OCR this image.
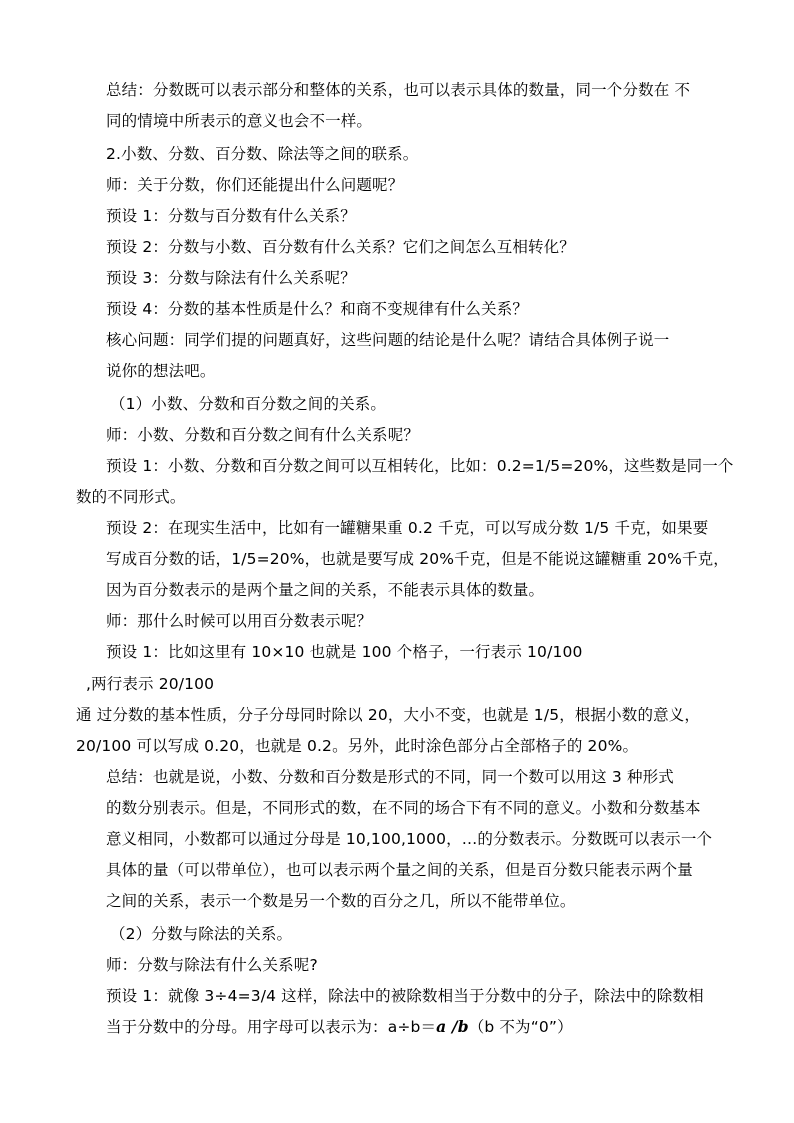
总结：分数既可以表示部分和整体的关系，也可以表示具体的数量，同一个分数在 不
同的情境中所表示的意义也会不一样。
2.小数、分数、百分数、除法等之间的联系。
师：关于分数，你们还能提出什么问题呢？
预设 1：分数与百分数有什么关系？
预设 2：分数与小数、百分数有什么关系？它们之间怎么互相转化？
预设 3：分数与除法有什么关系呢？
预设 4：分数的基本性质是什么？和商不变规律有什么关系？
核心问题：同学们提的问题真好，这些问题的结论是什么呢？请结合具体例子说一
说你的想法吧。
（1）小数、分数和百分数之间的关系。
师：小数、分数和百分数之间有什么关系呢？
预设 1：小数、分数和百分数之间可以互相转化，比如：0.2=1/5=20%，这些数是同一个
数的不同形式。
预设 2：在现实生活中，比如有一罐糖果重 0.2 千克，可以写成分数 1/5 千克，如果要
写成百分数的话，1/5=20%，也就是要写成 20%千克，但是不能说这罐糖重 20%千克，
因为百分数表示的是两个量之间的关系，不能表示具体的数量。
师：那什么时候可以用百分数表示呢？
预设 1：比如这里有 10×10 也就是 100 个格子，一行表示 10/100
,两行表示 20/100
通 过分数的基本性质，分子分母同时除以 20，大小不变，也就是 1/5，根据小数的意义，
20/100 可以写成 0.20，也就是 0.2。另外，此时涂色部分占全部格子的 20%。
总结：也就是说，小数、分数和百分数是形式的不同，同一个数可以用这 3 种形式
的数分别表示。但是，不同形式的数，在不同的场合下有不同的意义。小数和分数基本
意义相同，小数都可以通过分母是 10,100,1000，…的分数表示。分数既可以表示一个
具体的量（可以带单位），也可以表示两个量之间的关系，但是百分数只能表示两个量
之间的关系，表示一个数是另一个数的百分之几，所以不能带单位。
（2）分数与除法的关系。
师：分数与除法有什么关系呢?
预设 1：就像 3÷4=3/4 这样，除法中的被除数相当于分数中的分子，除法中的除数相
当于分数中的分母。用字母可以表示为：a÷b＝a /b（b 不为“0”）
